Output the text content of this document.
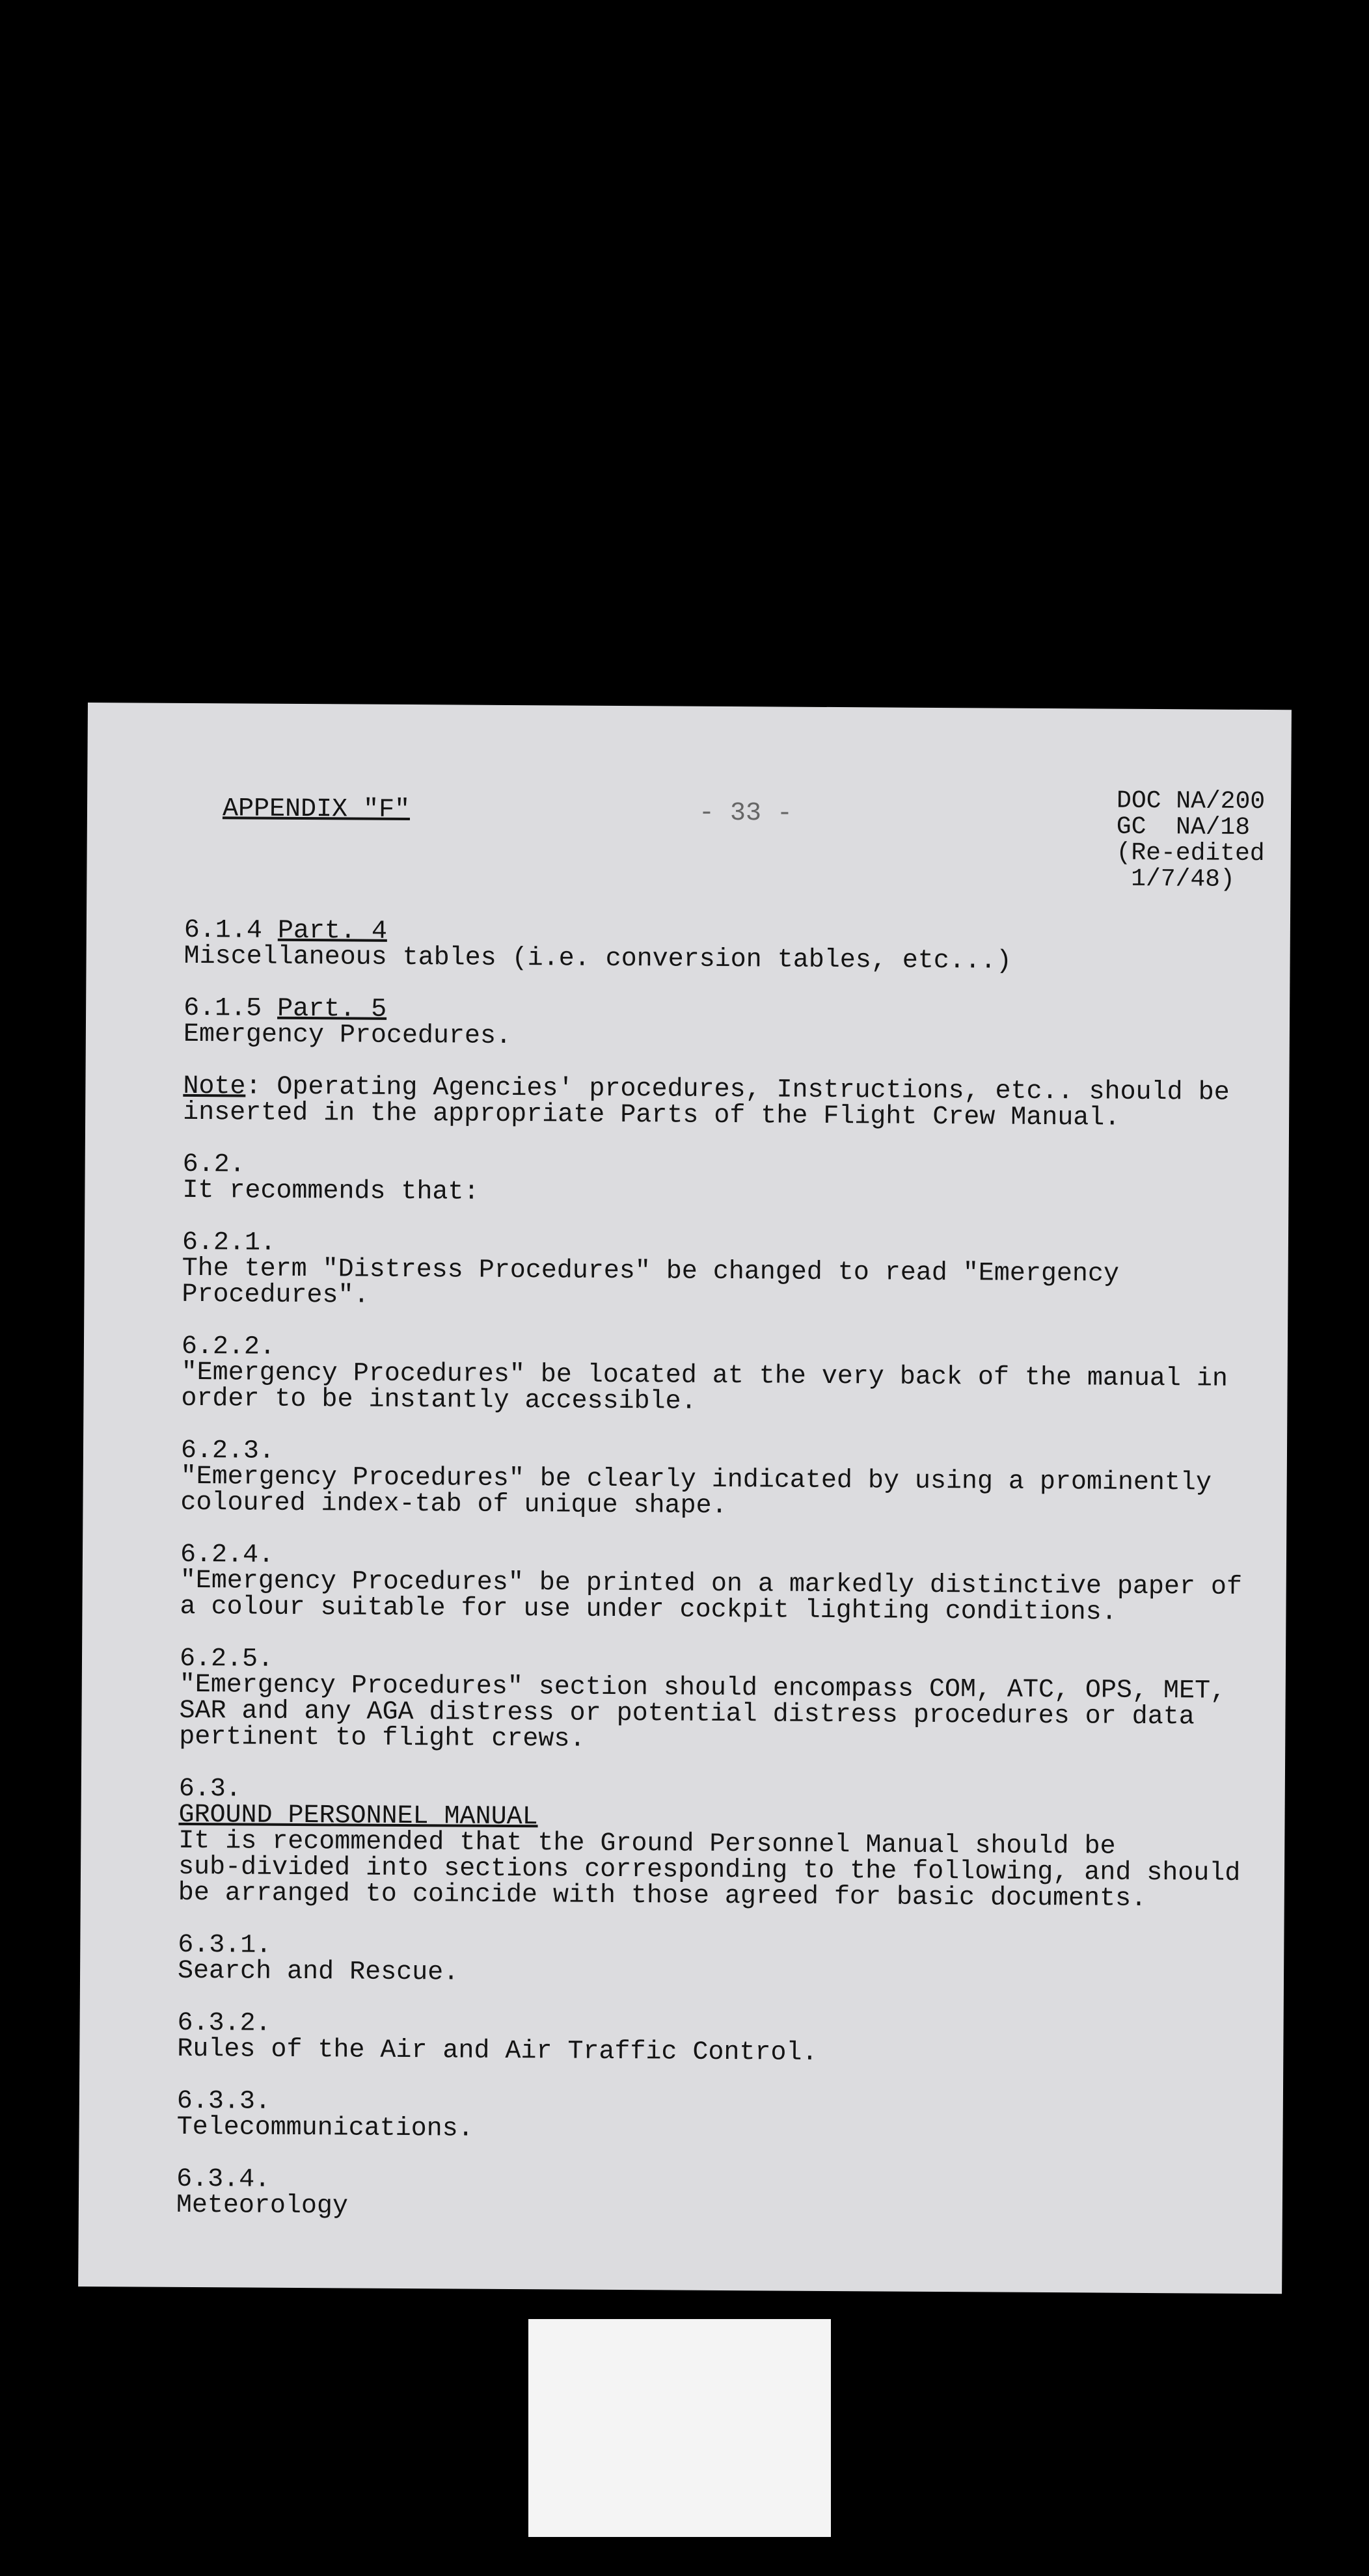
APPENDIX "F"	- 33 -	DOC NA/200
GC  NA/18
(Re-edited
1/7/48)

6.1.4 Part. 4

Miscellaneous tables (i.e. conversion tables, etc...)

6.1.5 Part. 5

Emergency Procedures.

Note: Operating Agencies' procedures, Instructions, etc.. should be

inserted in the appropriate Parts of the Flight Crew Manual.

6.2.

It recommends that:

6.2.1.

The term "Distress Procedures" be changed to read "Emergency

Procedures".

6.2.2.

"Emergency Procedures" be located at the very back of the manual in

order to be instantly accessible.

6.2.3.

"Emergency Procedures" be clearly indicated by using a prominently

coloured index-tab of unique shape.

6.2.4.

"Emergency Procedures" be printed on a markedly distinctive paper of

a colour suitable for use under cockpit lighting conditions.

6.2.5.

"Emergency Procedures" section should encompass COM, ATC, OPS, MET,

SAR and any AGA distress or potential distress procedures or data

pertinent to flight crews.

6.3.

GROUND PERSONNEL MANUAL

It is recommended that the Ground Personnel Manual should be

sub-divided into sections corresponding to the following, and should

be arranged to coincide with those agreed for basic documents.

6.3.1.

Search and Rescue.

6.3.2.

Rules of the Air and Air Traffic Control.

6.3.3.

Telecommunications.

6.3.4.

Meteorology
